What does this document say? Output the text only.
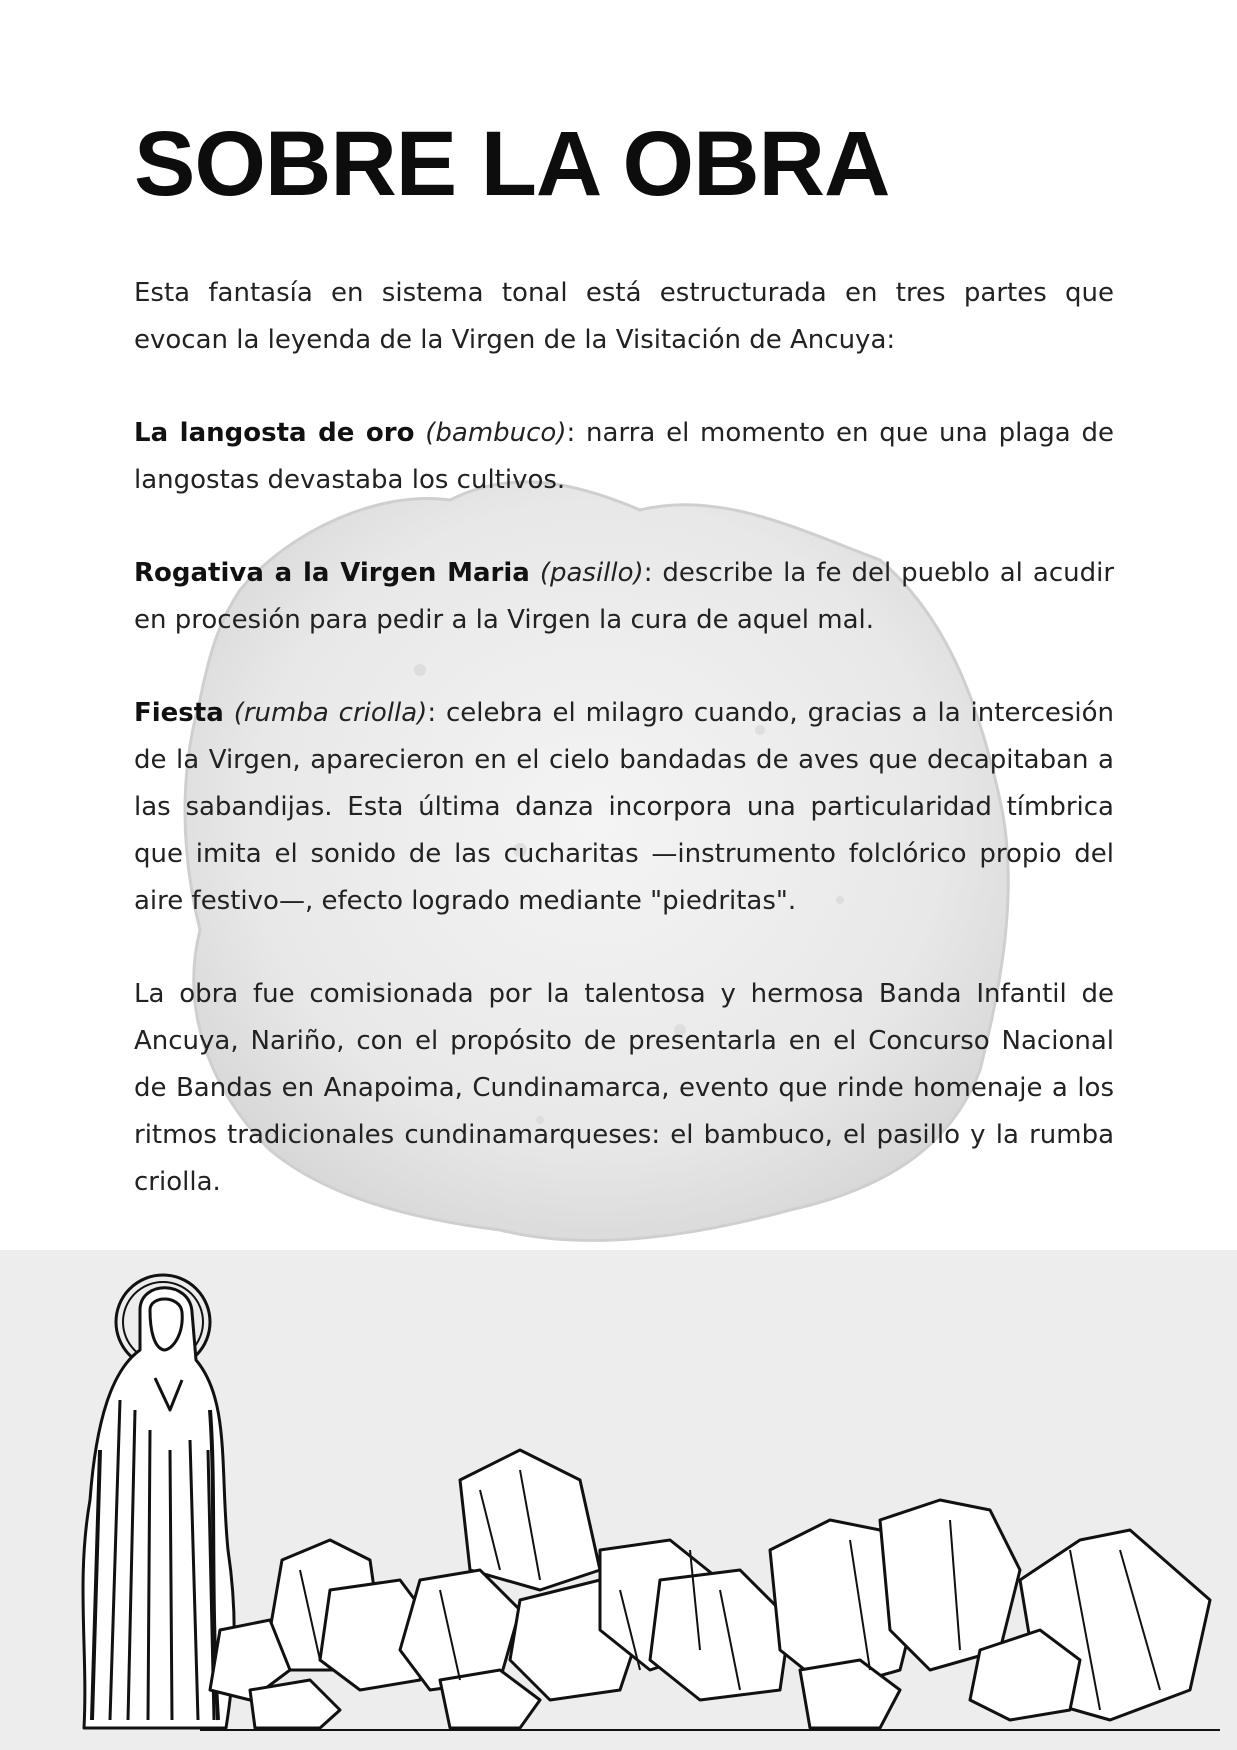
SOBRE LA OBRA

Esta fantasía en sistema tonal está estructurada en tres partes que evocan la leyenda de la Virgen de la Visitación de Ancuya:

La langosta de oro (bambuco): narra el momento en que una plaga de langostas devastaba los cultivos.

Rogativa a la Virgen Maria (pasillo): describe la fe del pueblo al acudir en procesión para pedir a la Virgen la cura de aquel mal.

Fiesta (rumba criolla): celebra el milagro cuando, gracias a la intercesión de la Virgen, aparecieron en el cielo bandadas de aves que decapitaban a las sabandijas. Esta última danza incorpora una particularidad tímbrica que imita el sonido de las cucharitas —instrumento folclórico propio del aire festivo—, efecto logrado mediante "piedritas".

La obra fue comisionada por la talentosa y hermosa Banda Infantil de Ancuya, Nariño, con el propósito de presentarla en el Concurso Nacional de Bandas en Anapoima, Cundinamarca, evento que rinde homenaje a los ritmos tradicionales cundinamarqueses: el bambuco, el pasillo y la rumba criolla.
